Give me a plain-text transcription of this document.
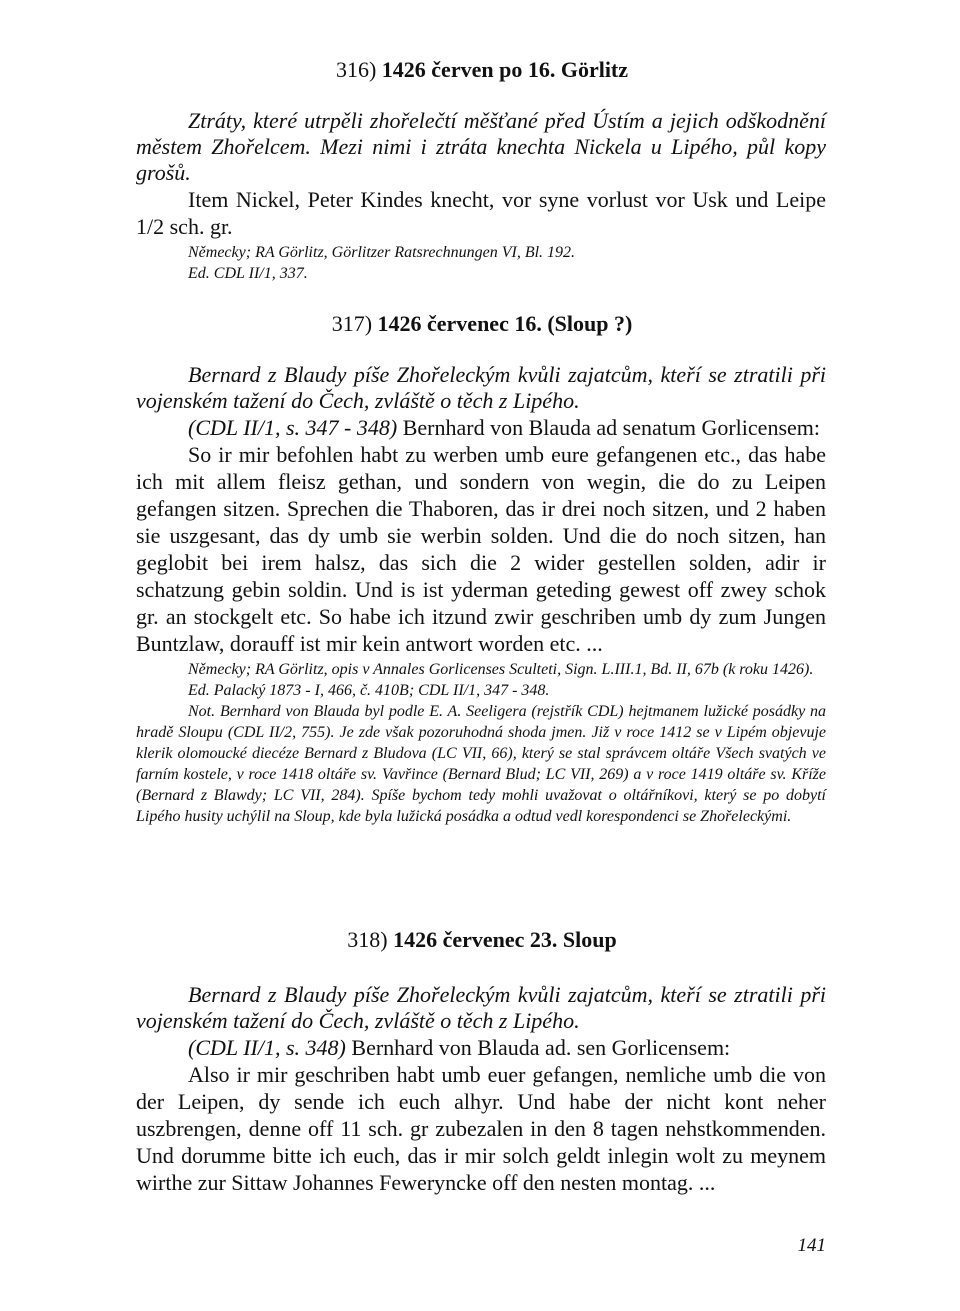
316) 1426 červen po 16. Görlitz

Ztráty, které utrpěli zhořelečtí měšťané před Ústím a jejich odškodnění městem Zhořelcem. Mezi nimi i ztráta knechta Nickela u Lipého, půl kopy grošů.

Item Nickel, Peter Kindes knecht, vor syne vorlust vor Usk und Leipe 1/2 sch. gr.

Německy; RA Görlitz, Görlitzer Ratsrechnungen VI, Bl. 192.

Ed. CDL II/1, 337.

317) 1426 červenec 16. (Sloup ?)

Bernard z Blaudy píše Zhořeleckým kvůli zajatcům, kteří se ztratili při vojenském tažení do Čech, zvláště o těch z Lipého.

(CDL II/1, s. 347 - 348) Bernhard von Blauda ad senatum Gorlicensem:

So ir mir befohlen habt zu werben umb eure gefangenen etc., das habe ich mit allem fleisz gethan, und sondern von wegin, die do zu Leipen gefangen sitzen. Sprechen die Thaboren, das ir drei noch sitzen, und 2 haben sie uszgesant, das dy umb sie werbin solden. Und die do noch sitzen, han geglobit bei irem halsz, das sich die 2 wider gestellen solden, adir ir schatzung gebin soldin. Und is ist yderman geteding gewest off zwey schok gr. an stockgelt etc. So habe ich itzund zwir geschriben umb dy zum Jungen Buntzlaw, dorauff ist mir kein antwort worden etc. ...

Německy; RA Görlitz, opis v Annales Gorlicenses Sculteti, Sign. L.III.1, Bd. II, 67b (k roku 1426).

Ed. Palacký 1873 - I, 466, č. 410B; CDL II/1, 347 - 348.

Not. Bernhard von Blauda byl podle E. A. Seeligera (rejstřík CDL) hejtmanem lužické posádky na hradě Sloupu (CDL II/2, 755). Je zde však pozoruhodná shoda jmen. Již v roce 1412 se v Lipém objevuje klerik olomoucké diecéze Bernard z Bludova (LC VII, 66), který se stal správcem oltáře Všech svatých ve farním kostele, v roce 1418 oltáře sv. Vavřince (Bernard Blud; LC VII, 269) a v roce 1419 oltáře sv. Kříže (Bernard z Blawdy; LC VII, 284). Spíše bychom tedy mohli uvažovat o oltářníkovi, který se po dobytí Lipého husity uchýlil na Sloup, kde byla lužická posádka a odtud vedl korespondenci se Zhořeleckými.

318) 1426 červenec 23. Sloup

Bernard z Blaudy píše Zhořeleckým kvůli zajatcům, kteří se ztratili při vojenském tažení do Čech, zvláště o těch z Lipého.

(CDL II/1, s. 348) Bernhard von Blauda ad. sen Gorlicensem:

Also ir mir geschriben habt umb euer gefangen, nemliche umb die von der Leipen, dy sende ich euch alhyr. Und habe der nicht kont neher uszbrengen, denne off 11 sch. gr zubezalen in den 8 tagen nehstkommenden. Und dorumme bitte ich euch, das ir mir solch geldt inlegin wolt zu meynem wirthe zur Sittaw Johannes Feweryncke off den nesten montag. ...

141
